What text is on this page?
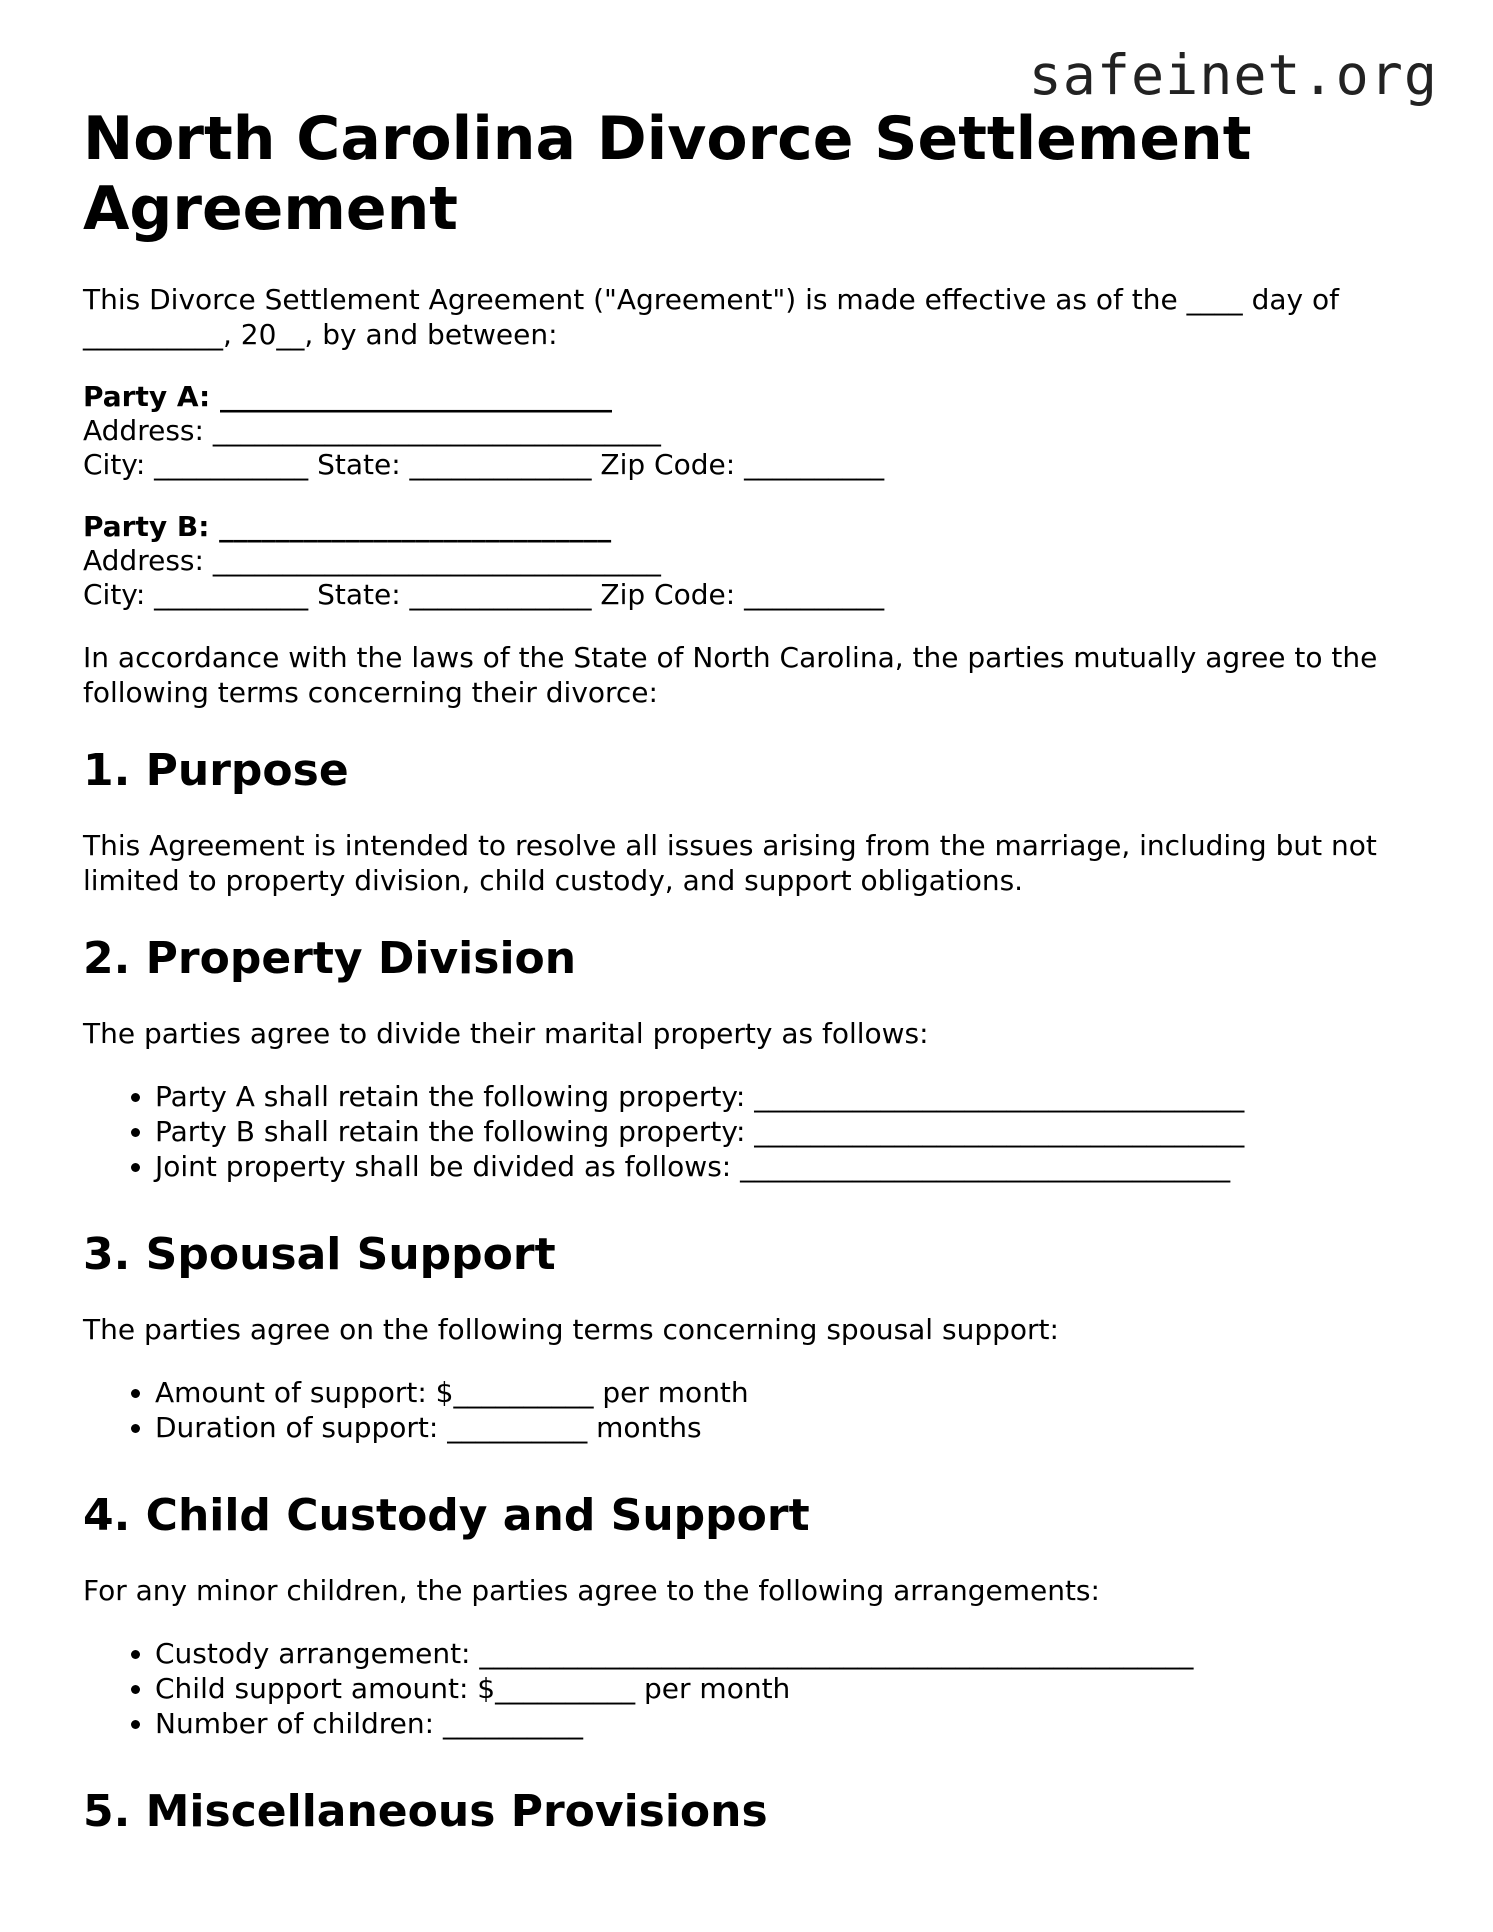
safeinet.org
North Carolina Divorce Settlement Agreement

This Divorce Settlement Agreement ("Agreement") is made effective as of the ____ day of __________, 20__, by and between:

Party A: ____________________________
Address: ________________________________
City: ___________ State: _____________ Zip Code: __________
Party B: ____________________________
Address: ________________________________
City: ___________ State: _____________ Zip Code: __________

In accordance with the laws of the State of North Carolina, the parties mutually agree to the following terms concerning their divorce:

1. Purpose

This Agreement is intended to resolve all issues arising from the marriage, including but not limited to property division, child custody, and support obligations.

2. Property Division

The parties agree to divide their marital property as follows:

• Party A shall retain the following property: ___________________________________
• Party B shall retain the following property: ___________________________________
• Joint property shall be divided as follows: ___________________________________
3. Spousal Support

The parties agree on the following terms concerning spousal support:

• Amount of support: $__________ per month
• Duration of support: __________ months
4. Child Custody and Support

For any minor children, the parties agree to the following arrangements:

• Custody arrangement: ___________________________________________________
• Child support amount: $__________ per month
• Number of children: __________
5. Miscellaneous Provisions
